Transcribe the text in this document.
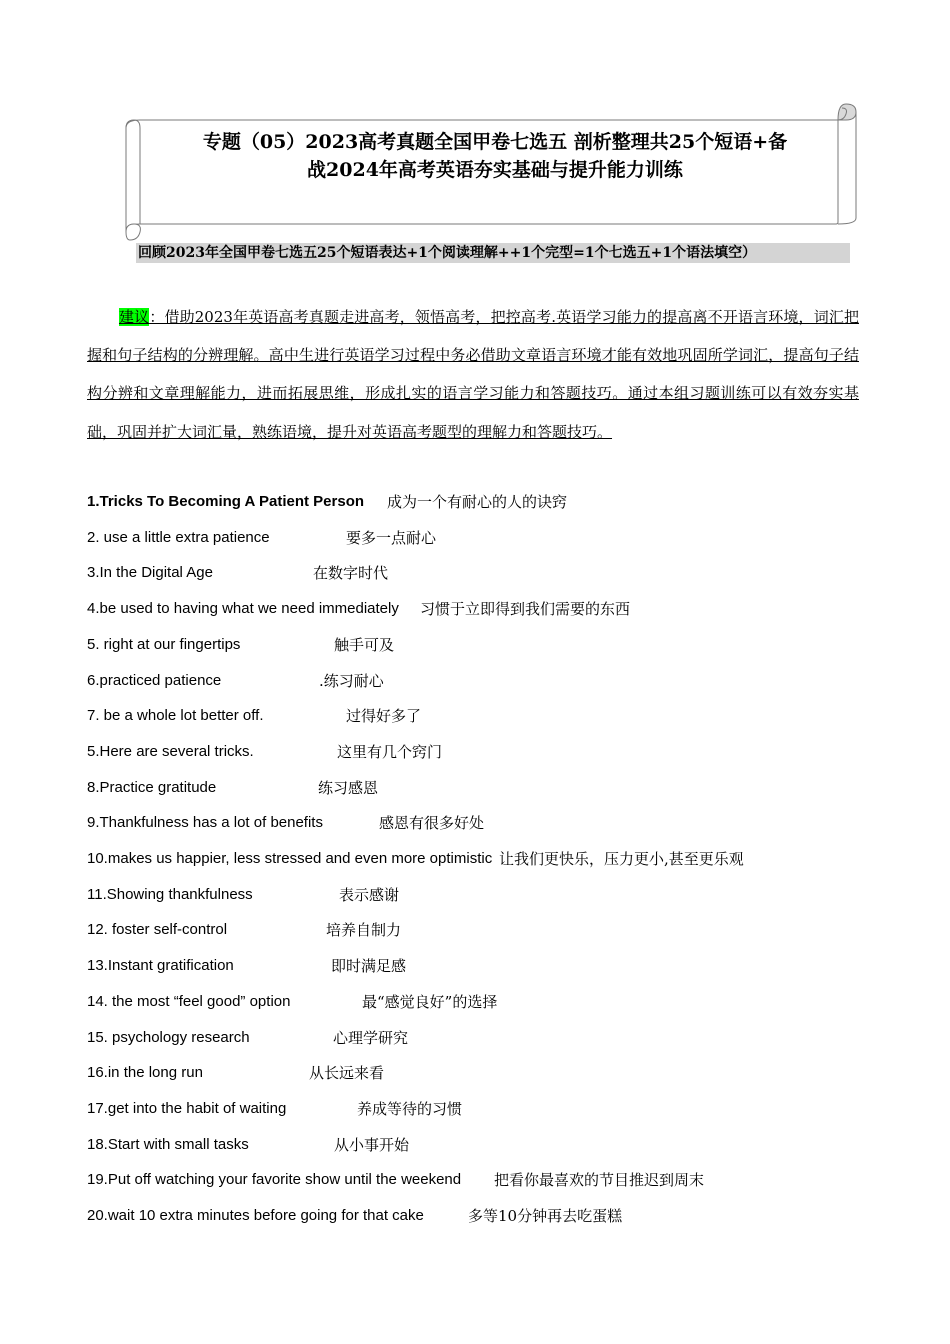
专题（05）2023高考真题全国甲卷七选五 剖析整理共25个短语+备
战2024年高考英语夯实基础与提升能力训练
回顾2023年全国甲卷七选五25个短语表达+1个阅读理解++1个完型=1个七选五+1个语法填空）
建议：借助2023年英语高考真题走进高考，领悟高考，把控高考.英语学习能力的提高离不开语言环境，词汇把握和句子结构的分辨理解。高中生进行英语学习过程中务必借助文章语言环境才能有效地巩固所学词汇，提高句子结构分辨和文章理解能力，进而拓展思维，形成扎实的语言学习能力和答题技巧。通过本组习题训练可以有效夯实基础，巩固并扩大词汇量，熟练语境，提升对英语高考题型的理解力和答题技巧。
1.Tricks To Becoming A Patient Person 成为一个有耐心的人的诀窍
2. use a little extra patience	要多一点耐心
3.In the Digital Age	在数字时代
4.be used to having what we need immediately 习惯于立即得到我们需要的东西
5. right at our fingertips	触手可及
6.practiced patience	.练习耐心
7. be a whole lot better off.	过得好多了
5.Here are several tricks.	这里有几个窍门
8.Practice gratitude	练习感恩
9.Thankfulness has a lot of benefits	感恩有很多好处
10.makes us happier, less stressed and even more optimistic 让我们更快乐，压力更小,甚至更乐观
11.Showing thankfulness	表示感谢
12. foster self-control	培养自制力
13.Instant gratification	即时满足感
14. the most “feel good” option	最“感觉良好”的选择
15. psychology research	心理学研究
16.in the long run	从长远来看
17.get into the habit of waiting	养成等待的习惯
18.Start with small tasks	从小事开始
19.Put off watching your favorite show until the weekend 把看你最喜欢的节目推迟到周末
20.wait 10 extra minutes before going for that cake	多等10分钟再去吃蛋糕
